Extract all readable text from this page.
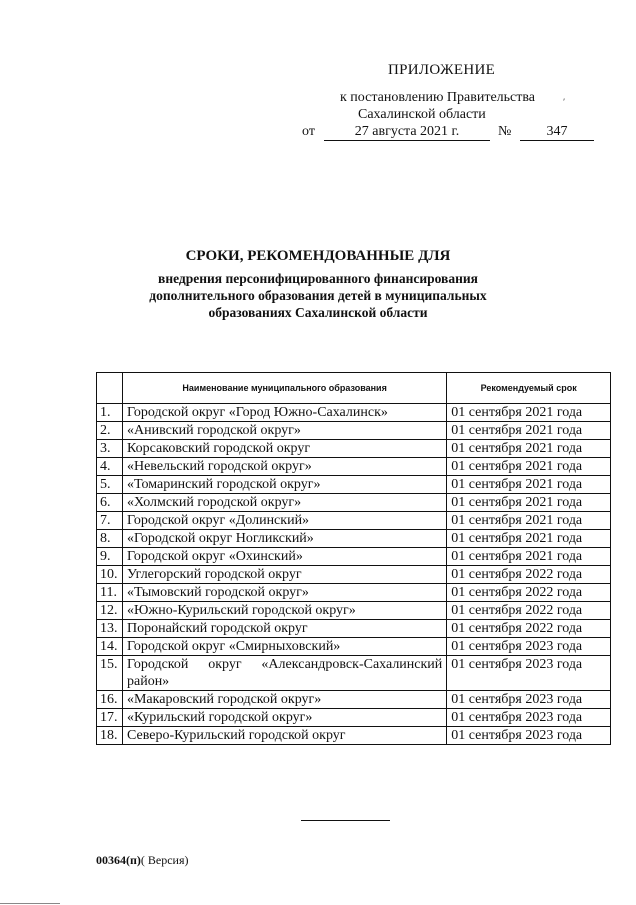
ПРИЛОЖЕНИЕ
к постановлению Правительства
Сахалинской области
от	27 августа 2021 г.	№	347
⸴
СРОКИ, РЕКОМЕНДОВАННЫЕ ДЛЯ
внедрения персонифицированного финансирования
дополнительного образования детей в муниципальных
образованиях Сахалинской области
	Наименование муниципального образования	Рекомендуемый срок
1.	Городской округ «Город Южно-Сахалинск»	01 сентября 2021 года
2.	«Анивский городской округ»	01 сентября 2021 года
3.	Корсаковский городской округ	01 сентября 2021 года
4.	«Невельский городской округ»	01 сентября 2021 года
5.	«Томаринский городской округ»	01 сентября 2021 года
6.	«Холмский городской округ»	01 сентября 2021 года
7.	Городской округ «Долинский»	01 сентября 2021 года
8.	«Городской округ Ногликский»	01 сентября 2021 года
9.	Городской округ «Охинский»	01 сентября 2021 года
10.	Углегорский городской округ	01 сентября 2022 года
11.	«Тымовский городской округ»	01 сентября 2022 года
12.	«Южно-Курильский городской округ»	01 сентября 2022 года
13.	Поронайский городской округ	01 сентября 2022 года
14.	Городской округ «Смирныховский»	01 сентября 2023 года
15.	Городской округ «Александровск-Сахалинский район»	01 сентября 2023 года
16.	«Макаровский городской округ»	01 сентября 2023 года
17.	«Курильский городской округ»	01 сентября 2023 года
18.	Северо-Курильский городской округ	01 сентября 2023 года
00364(п)( Версия)
